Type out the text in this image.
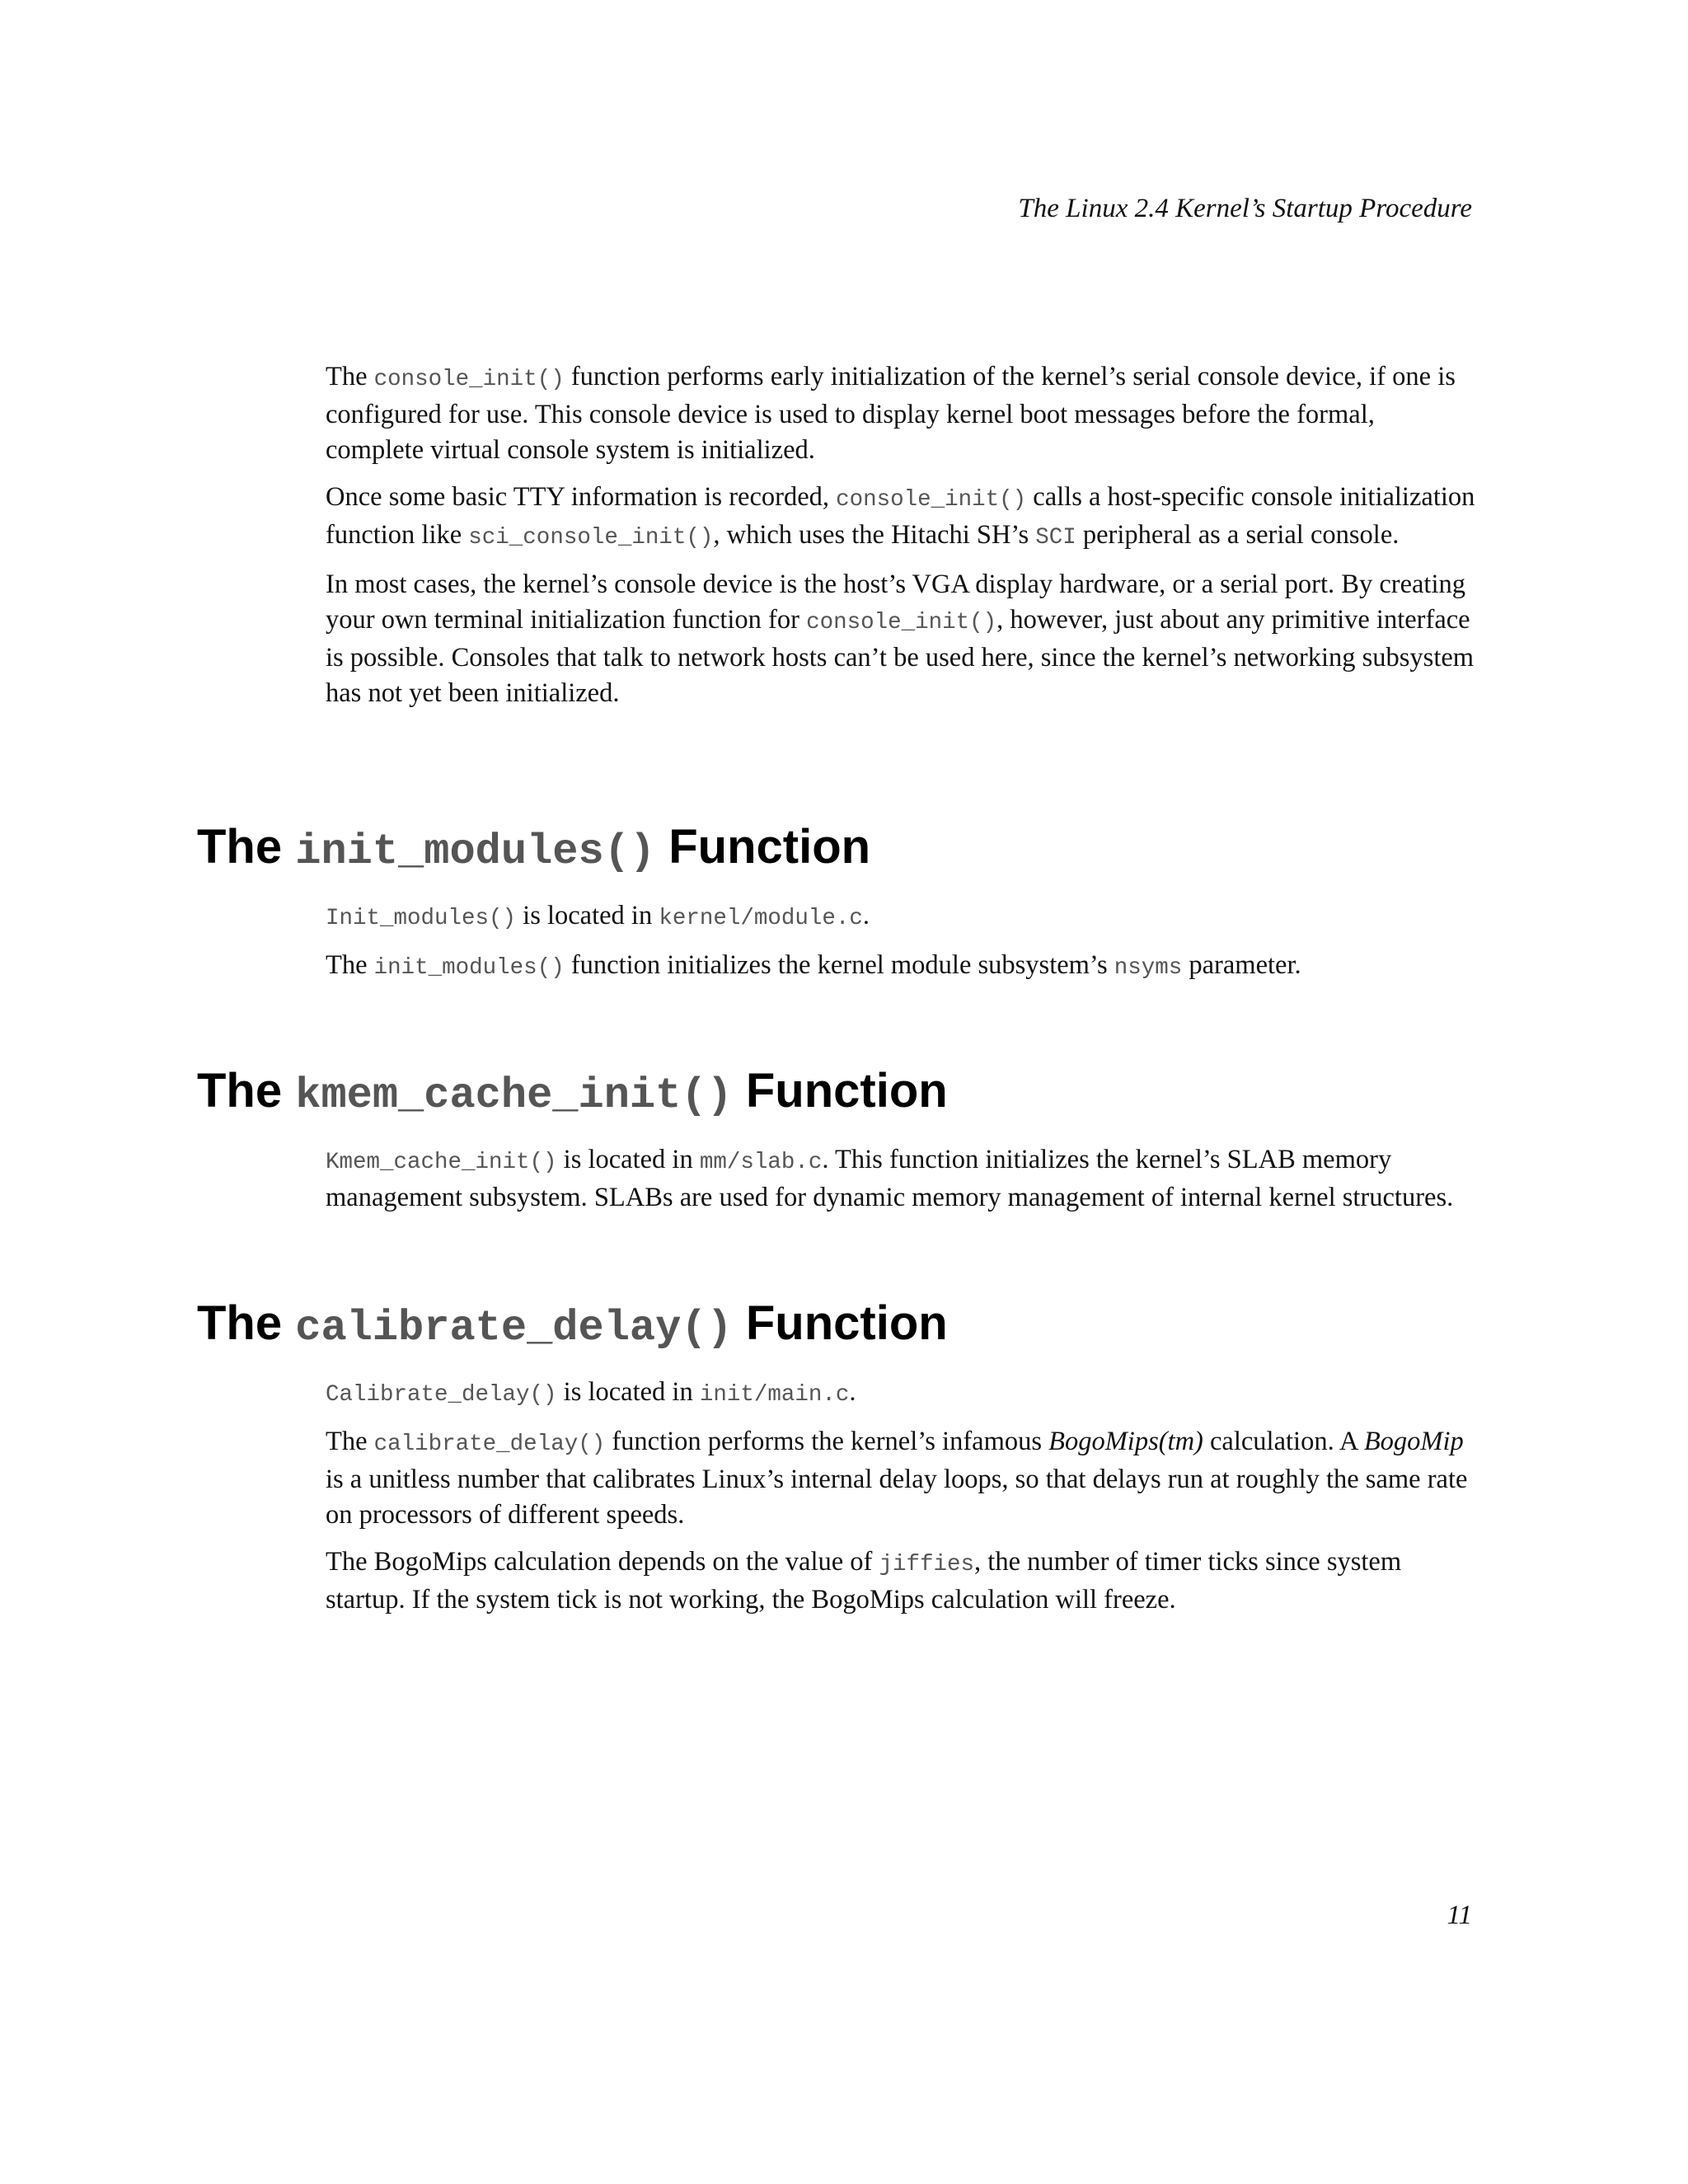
The Linux 2.4 Kernel’s Startup Procedure

The console_init() function performs early initialization of the kernel’s serial console device, if one is configured for use. This console device is used to display kernel boot messages before the formal, complete virtual console system is initialized.

Once some basic TTY information is recorded, console_init() calls a host-specific console initialization function like sci_console_init(), which uses the Hitachi SH’s SCI peripheral as a serial console.

In most cases, the kernel’s console device is the host’s VGA display hardware, or a serial port. By creating your own terminal initialization function for console_init(), however, just about any primitive interface is possible. Consoles that talk to network hosts can’t be used here, since the kernel’s networking subsystem has not yet been initialized.

The init_modules() Function

Init_modules() is located in kernel/module.c.

The init_modules() function initializes the kernel module subsystem’s nsyms parameter.

The kmem_cache_init() Function

Kmem_cache_init() is located in mm/slab.c. This function initializes the kernel’s SLAB memory management subsystem. SLABs are used for dynamic memory management of internal kernel structures.

The calibrate_delay() Function

Calibrate_delay() is located in init/main.c.

The calibrate_delay() function performs the kernel’s infamous BogoMips(tm) calculation. A BogoMip is a unitless number that calibrates Linux’s internal delay loops, so that delays run at roughly the same rate on processors of different speeds.

The BogoMips calculation depends on the value of jiffies, the number of timer ticks since system startup. If the system tick is not working, the BogoMips calculation will freeze.

11
